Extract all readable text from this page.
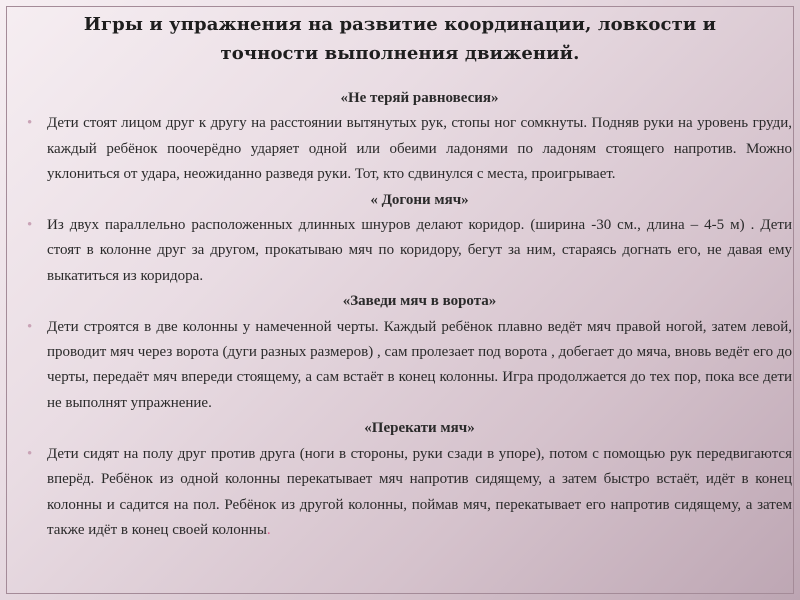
Игры и упражнения на развитие координации, ловкости и точности выполнения движений.
«Не теряй равновесия»
• Дети стоят лицом друг к другу на расстоянии вытянутых рук, стопы ног сомкнуты. Подняв руки на уровень груди, каждый ребёнок поочерёдно ударяет одной или обеими ладонями по ладоням стоящего напротив. Можно уклониться от удара, неожиданно разведя руки. Тот, кто сдвинулся с места, проигрывает.
« Догони мяч»
• Из двух параллельно расположенных длинных шнуров делают коридор. (ширина -30 см., длина – 4-5 м) . Дети стоят в колонне друг за другом, прокатываю мяч по коридору, бегут за ним, стараясь догнать его, не давая ему выкатиться из коридора.
«Заведи мяч в ворота»
• Дети строятся в две колонны у намеченной черты. Каждый ребёнок плавно ведёт мяч правой ногой, затем левой, проводит мяч через ворота (дуги разных размеров) , сам пролезает под ворота , добегает до мяча, вновь ведёт его до черты, передаёт мяч впереди стоящему, а сам встаёт в конец колонны. Игра продолжается до тех пор, пока все дети не выполнят упражнение.
«Перекати мяч»
• Дети сидят на полу друг против друга (ноги в стороны, руки сзади в упоре), потом с помощью рук передвигаются вперёд. Ребёнок из одной колонны перекатывает мяч напротив сидящему, а затем быстро встаёт, идёт в конец колонны и садится на пол. Ребёнок из другой колонны, поймав мяч, перекатывает его напротив сидящему, а затем также идёт в конец своей колонны.
